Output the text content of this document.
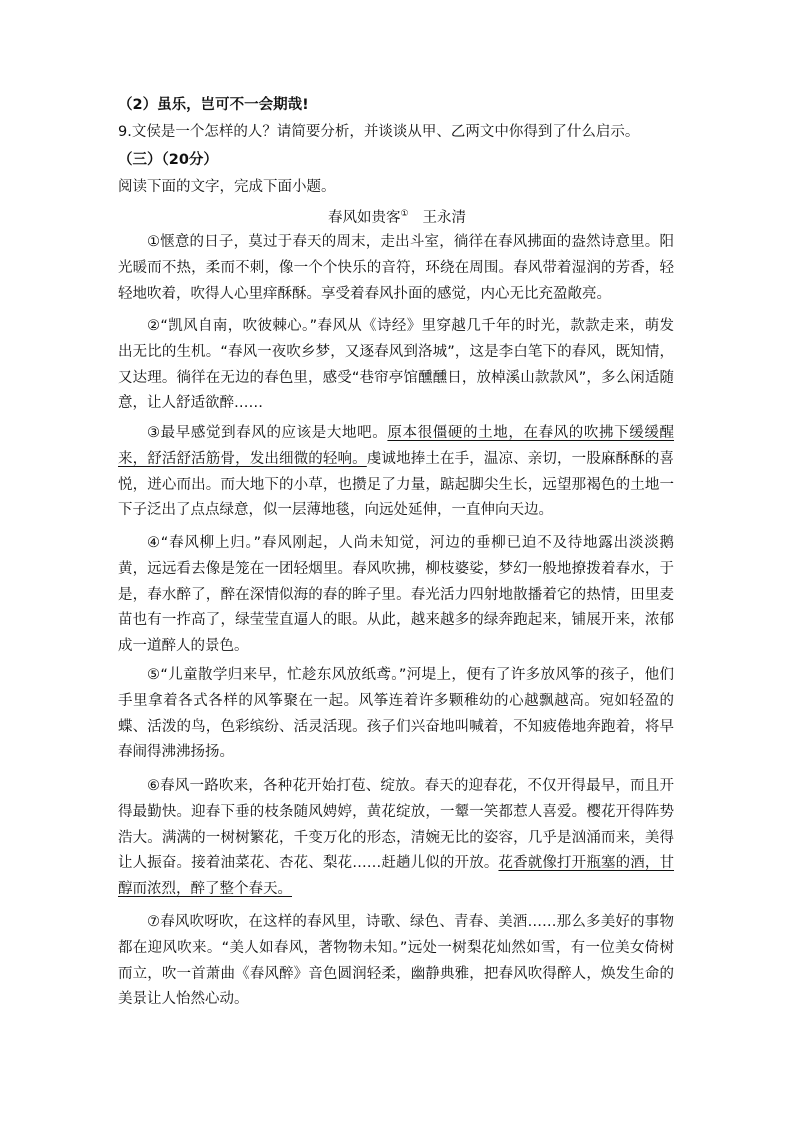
（2）虽乐，岂可不一会期哉!
9.文侯是一个怎样的人？请简要分析，并谈谈从甲、乙两文中你得到了什么启示。
（三）（20分）
阅读下面的文字，完成下面小题。
春风如贵客① 王永清
①惬意的日子，莫过于春天的周末，走出斗室，徜徉在春风拂面的盎然诗意里。阳光暖而不热，柔而不刺，像一个个快乐的音符，环绕在周围。春风带着湿润的芳香，轻轻地吹着，吹得人心里痒酥酥。享受着春风扑面的感觉，内心无比充盈敞亮。
②“凯风自南，吹彼棘心。”春风从《诗经》里穿越几千年的时光，款款走来，萌发出无比的生机。“春风一夜吹乡梦，又逐春风到洛城”，这是李白笔下的春风，既知情，又达理。徜徉在无边的春色里，感受“巷帘亭馆醺醺日，放棹溪山款款风”，多么闲适随意，让人舒适欲醉……
③最早感觉到春风的应该是大地吧。原本很僵硬的土地，在春风的吹拂下缓缓醒来，舒活舒活筋骨，发出细微的轻响。虔诚地捧土在手，温凉、亲切，一股麻酥酥的喜悦，迸心而出。而大地下的小草，也攒足了力量，踮起脚尖生长，远望那褐色的土地一下子泛出了点点绿意，似一层薄地毯，向远处延伸，一直伸向天边。
④“春风柳上归。”春风刚起，人尚未知觉，河边的垂柳已迫不及待地露出淡淡鹅黄，远远看去像是笼在一团轻烟里。春风吹拂，柳枝婆娑，梦幻一般地撩拨着春水，于是，春水醉了，醉在深情似海的春的眸子里。春光活力四射地散播着它的热情，田里麦苗也有一拃高了，绿莹莹直逼人的眼。从此，越来越多的绿奔跑起来，铺展开来，浓郁成一道醉人的景色。
⑤“儿童散学归来早，忙趁东风放纸鸢。”河堤上，便有了许多放风筝的孩子，他们手里拿着各式各样的风筝聚在一起。风筝连着许多颗稚幼的心越飘越高。宛如轻盈的蝶、活泼的鸟，色彩缤纷、活灵活现。孩子们兴奋地叫喊着，不知疲倦地奔跑着，将早春闹得沸沸扬扬。
⑥春风一路吹来，各种花开始打苞、绽放。春天的迎春花，不仅开得最早，而且开得最勤快。迎春下垂的枝条随风娉婷，黄花绽放，一颦一笑都惹人喜爱。樱花开得阵势浩大。满满的一树树繁花，千变万化的形态，清婉无比的姿容，几乎是汹涌而来，美得让人振奋。接着油菜花、杏花、梨花……赶趟儿似的开放。花香就像打开瓶塞的酒，甘醇而浓烈，醉了整个春天。
⑦春风吹呀吹，在这样的春风里，诗歌、绿色、青春、美酒……那么多美好的事物都在迎风吹来。“美人如春风，著物物未知。”远处一树梨花灿然如雪，有一位美女倚树而立，吹一首萧曲《春风醉》音色圆润轻柔，幽静典雅，把春风吹得醉人，焕发生命的美景让人怡然心动。
